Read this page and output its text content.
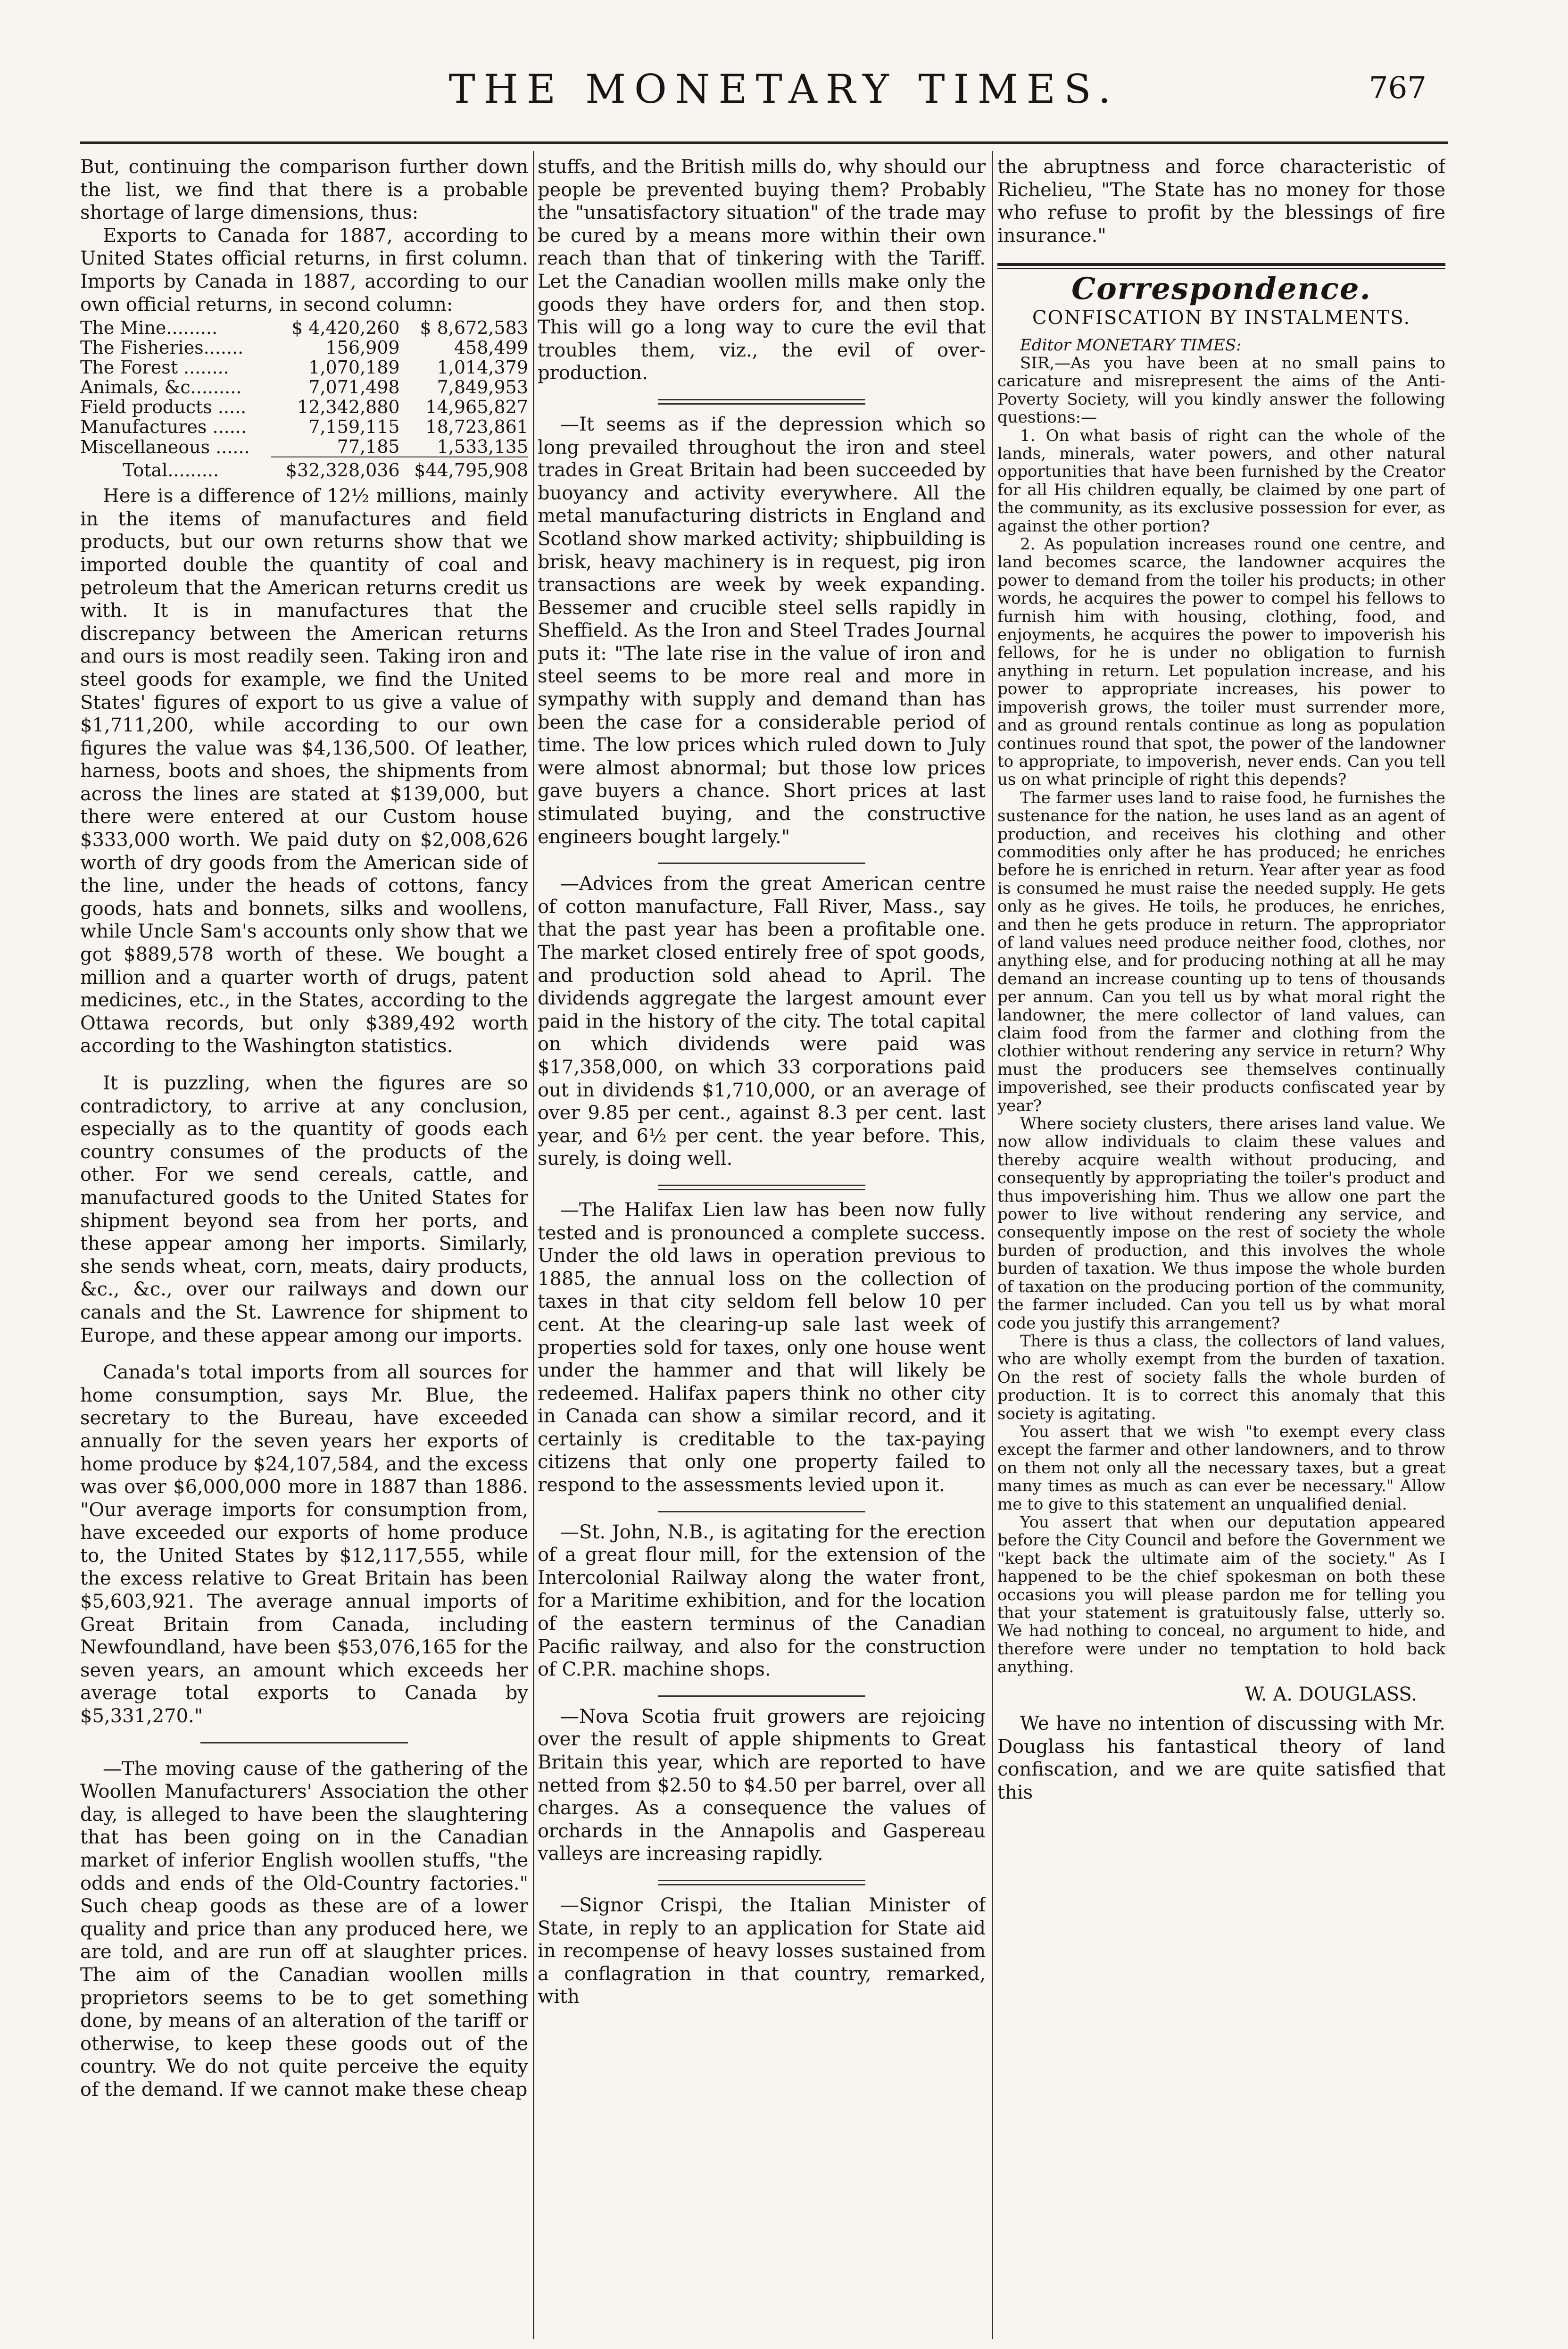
THE MONETARY TIMES.	767

But, continuing the comparison further down the list, we find that there is a probable shortage of large dimensions, thus:

Exports to Canada for 1887, according to United States official returns, in first column. Imports by Canada in 1887, according to our own official returns, in second column:

The Mine.........	$ 4,420,260	$ 8,672,583
The Fisheries.......	156,909	458,499
The Forest ........	1,070,189	1,014,379
Animals, &c.........	7,071,498	7,849,953
Field products .....	12,342,880	14,965,827
Manufactures ......	7,159,115	18,723,861
Miscellaneous ......	77,185	1,533,135
Total.........	$32,328,036	$44,795,908

Here is a difference of 12½ millions, mainly in the items of manufactures and field products, but our own returns show that we imported double the quantity of coal and petroleum that the American returns credit us with. It is in manufactures that the discrepancy between the American returns and ours is most readily seen. Taking iron and steel goods for example, we find the United States' figures of export to us give a value of $1,711,200, while according to our own figures the value was $4,136,500. Of leather, harness, boots and shoes, the shipments from across the lines are stated at $139,000, but there were entered at our Custom house $333,000 worth. We paid duty on $2,008,626 worth of dry goods from the American side of the line, under the heads of cottons, fancy goods, hats and bonnets, silks and woollens, while Uncle Sam's accounts only show that we got $889,578 worth of these. We bought a million and a quarter worth of drugs, patent medicines, etc., in the States, according to the Ottawa records, but only $389,492 worth according to the Washington statistics.

It is puzzling, when the figures are so contradictory, to arrive at any conclusion, especially as to the quantity of goods each country consumes of the products of the other. For we send cereals, cattle, and manufactured goods to the United States for shipment beyond sea from her ports, and these appear among her imports. Similarly, she sends wheat, corn, meats, dairy products, &c., &c., over our railways and down our canals and the St. Lawrence for shipment to Europe, and these appear among our imports.

Canada's total imports from all sources for home consumption, says Mr. Blue, the secretary to the Bureau, have exceeded annually for the seven years her exports of home produce by $24,107,584, and the excess was over $6,000,000 more in 1887 than 1886. "Our average imports for consumption from, have exceeded our exports of home produce to, the United States by $12,117,555, while the excess relative to Great Britain has been $5,603,921. The average annual imports of Great Britain from Canada, including Newfoundland, have been $53,076,165 for the seven years, an amount which exceeds her average total exports to Canada by $5,331,270."

—The moving cause of the gathering of the Woollen Manufacturers' Association the other day, is alleged to have been the slaughtering that has been going on in the Canadian market of inferior English woollen stuffs, "the odds and ends of the Old-Country factories." Such cheap goods as these are of a lower quality and price than any produced here, we are told, and are run off at slaughter prices. The aim of the Canadian woollen mills proprietors seems to be to get something done, by means of an alteration of the tariff or otherwise, to keep these goods out of the country. We do not quite perceive the equity of the demand. If we cannot make these cheap

stuffs, and the British mills do, why should our people be prevented buying them? Probably the "unsatisfactory situation" of the trade may be cured by a means more within their own reach than that of tinkering with the Tariff. Let the Canadian woollen mills make only the goods they have orders for, and then stop. This will go a long way to cure the evil that troubles them, viz., the evil of over-production.

—It seems as if the depression which so long prevailed throughout the iron and steel trades in Great Britain had been succeeded by buoyancy and activity everywhere. All the metal manufacturing districts in England and Scotland show marked activity; shipbuilding is brisk, heavy machinery is in request, pig iron transactions are week by week expanding. Bessemer and crucible steel sells rapidly in Sheffield. As the Iron and Steel Trades Journal puts it: "The late rise in the value of iron and steel seems to be more real and more in sympathy with supply and demand than has been the case for a considerable period of time. The low prices which ruled down to July were almost abnormal; but those low prices gave buyers a chance. Short prices at last stimulated buying, and the constructive engineers bought largely."

—Advices from the great American centre of cotton manufacture, Fall River, Mass., say that the past year has been a profitable one. The market closed entirely free of spot goods, and production sold ahead to April. The dividends aggregate the largest amount ever paid in the history of the city. The total capital on which dividends were paid was $17,358,000, on which 33 corporations paid out in dividends $1,710,000, or an average of over 9.85 per cent., against 8.3 per cent. last year, and 6½ per cent. the year before. This, surely, is doing well.

—The Halifax Lien law has been now fully tested and is pronounced a complete success. Under the old laws in operation previous to 1885, the annual loss on the collection of taxes in that city seldom fell below 10 per cent. At the clearing-up sale last week of properties sold for taxes, only one house went under the hammer and that will likely be redeemed. Halifax papers think no other city in Canada can show a similar record, and it certainly is creditable to the tax-paying citizens that only one property failed to respond to the assessments levied upon it.

—St. John, N.B., is agitating for the erection of a great flour mill, for the extension of the Intercolonial Railway along the water front, for a Maritime exhibition, and for the location of the eastern terminus of the Canadian Pacific railway, and also for the construction of C.P.R. machine shops.

—Nova Scotia fruit growers are rejoicing over the result of apple shipments to Great Britain this year, which are reported to have netted from $2.50 to $4.50 per barrel, over all charges. As a consequence the values of orchards in the Annapolis and Gaspereau valleys are increasing rapidly.

—Signor Crispi, the Italian Minister of State, in reply to an application for State aid in recompense of heavy losses sustained from a conflagration in that country, remarked, with

the abruptness and force characteristic of Richelieu, "The State has no money for those who refuse to profit by the blessings of fire insurance."

Correspondence.
CONFISCATION BY INSTALMENTS.

Editor MONETARY TIMES:

SIR,—As you have been at no small pains to caricature and misrepresent the aims of the Anti-Poverty Society, will you kindly answer the following questions:—

1. On what basis of right can the whole of the lands, minerals, water powers, and other natural opportunities that have been furnished by the Creator for all His children equally, be claimed by one part of the community, as its exclusive possession for ever, as against the other portion?

2. As population increases round one centre, and land becomes scarce, the landowner acquires the power to demand from the toiler his products; in other words, he acquires the power to compel his fellows to furnish him with housing, clothing, food, and enjoyments, he acquires the power to impoverish his fellows, for he is under no obligation to furnish anything in return. Let population increase, and his power to appropriate increases, his power to impoverish grows, the toiler must surrender more, and as ground rentals continue as long as population continues round that spot, the power of the landowner to appropriate, to impoverish, never ends. Can you tell us on what principle of right this depends?

The farmer uses land to raise food, he furnishes the sustenance for the nation, he uses land as an agent of production, and receives his clothing and other commodities only after he has produced; he enriches before he is enriched in return. Year after year as food is consumed he must raise the needed supply. He gets only as he gives. He toils, he produces, he enriches, and then he gets produce in return. The appropriator of land values need produce neither food, clothes, nor anything else, and for producing nothing at all he may demand an increase counting up to tens of thousands per annum. Can you tell us by what moral right the landowner, the mere collector of land values, can claim food from the farmer and clothing from the clothier without rendering any service in return? Why must the producers see themselves continually impoverished, see their products confiscated year by year?

Where society clusters, there arises land value. We now allow individuals to claim these values and thereby acquire wealth without producing, and consequently by appropriating the toiler's product and thus impoverishing him. Thus we allow one part the power to live without rendering any service, and consequently impose on the rest of society the whole burden of production, and this involves the whole burden of taxation. We thus impose the whole burden of taxation on the producing portion of the community, the farmer included. Can you tell us by what moral code you justify this arrangement?

There is thus a class, the collectors of land values, who are wholly exempt from the burden of taxation. On the rest of society falls the whole burden of production. It is to correct this anomaly that this society is agitating.

You assert that we wish "to exempt every class except the farmer and other landowners, and to throw on them not only all the necessary taxes, but a great many times as much as can ever be necessary." Allow me to give to this statement an unqualified denial.

You assert that when our deputation appeared before the City Council and before the Government we "kept back the ultimate aim of the society." As I happened to be the chief spokesman on both these occasions you will please pardon me for telling you that your statement is gratuitously false, utterly so. We had nothing to conceal, no argument to hide, and therefore were under no temptation to hold back anything.

W. A. DOUGLASS.

We have no intention of discussing with Mr. Douglass his fantastical theory of land confiscation, and we are quite satisfied that this
